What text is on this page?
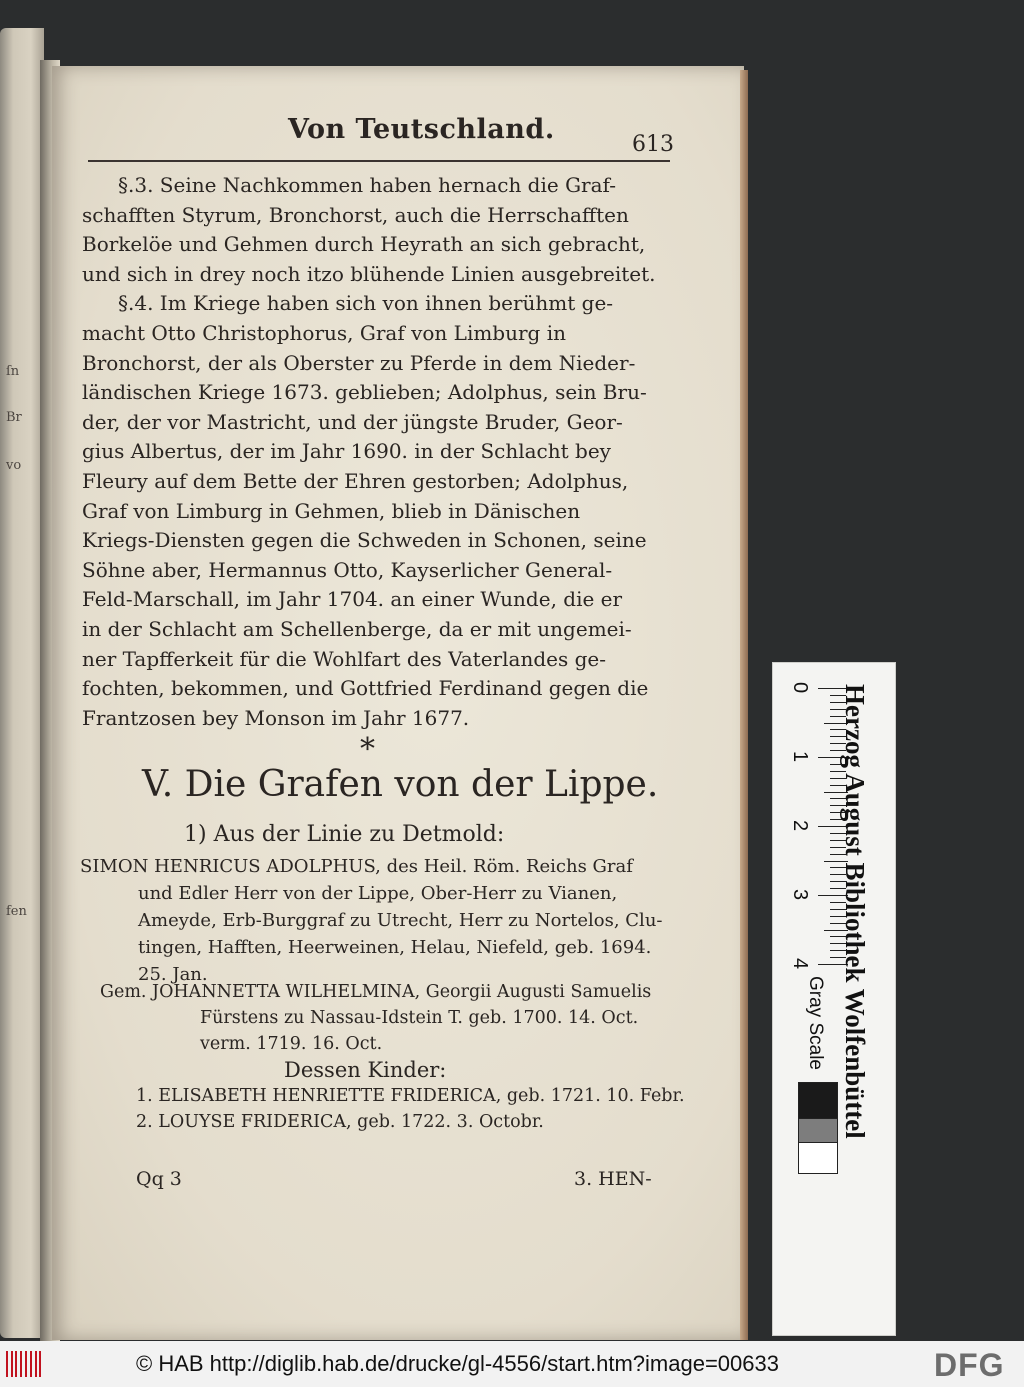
ſn
Br
vo
fen
Von Teutschland.	613
§.3. Seine Nachkommen haben hernach die Graf-
schafften Styrum, Bronchorst, auch die Herrschafften
Borkelöe und Gehmen durch Heyrath an sich gebracht,
und sich in drey noch itzo blühende Linien ausgebreitet.
§.4. Im Kriege haben sich von ihnen berühmt ge-
macht Otto Christophorus, Graf von Limburg in
Bronchorst, der als Oberster zu Pferde in dem Nieder-
ländischen Kriege 1673. geblieben; Adolphus, sein Bru-
der, der vor Mastricht, und der jüngste Bruder, Geor-
gius Albertus, der im Jahr 1690. in der Schlacht bey
Fleury auf dem Bette der Ehren gestorben; Adolphus,
Graf von Limburg in Gehmen, blieb in Dänischen
Kriegs-Diensten gegen die Schweden in Schonen, seine
Söhne aber, Hermannus Otto, Kayserlicher General-
Feld-Marschall, im Jahr 1704. an einer Wunde, die er
in der Schlacht am Schellenberge, da er mit ungemei-
ner Tapfferkeit für die Wohlfart des Vaterlandes ge-
fochten, bekommen, und Gottfried Ferdinand gegen die
Frantzosen bey Monson im Jahr 1677.
*
V. Die Grafen von der Lippe.
1) Aus der Linie zu Detmold:
SIMON HENRICUS ADOLPHUS, des Heil. Röm. Reichs Graf
und Edler Herr von der Lippe, Ober-Herr zu Vianen,
Ameyde, Erb-Burggraf zu Utrecht, Herr zu Nortelos, Clu-
tingen, Hafften, Heerweinen, Helau, Niefeld, geb. 1694.
25. Jan.
Gem. JOHANNETTA WILHELMINA, Georgii Augusti Samuelis
Fürstens zu Nassau-Idstein T. geb. 1700. 14. Oct.
verm. 1719. 16. Oct.
Dessen Kinder:
1. ELISABETH HENRIETTE FRIDERICA, geb. 1721. 10. Febr.
2. LOUYSE FRIDERICA, geb. 1722. 3. Octobr.
Qq 3	3. HEN-
0
1
2
3
4 Herzog August Bibliothek Wolfenbüttel
Gray Scale
© HAB http://diglib.hab.de/drucke/gl-4556/start.htm?image=00633	DFG
